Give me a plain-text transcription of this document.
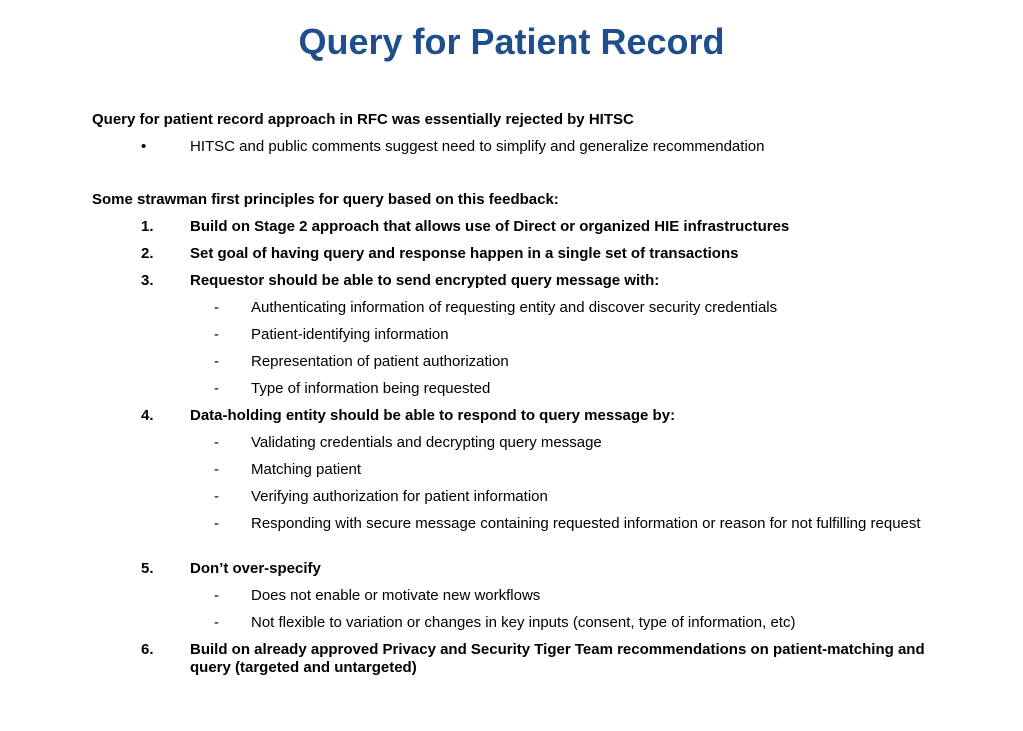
Query for Patient Record
Query for patient record approach in RFC was essentially rejected by HITSC
•	HITSC and public comments suggest need to simplify and generalize recommendation
Some strawman first principles for query based on this feedback:
1. Build on Stage 2 approach that allows use of Direct or organized HIE infrastructures
2. Set goal of having query and response happen in a single set of transactions
3. Requestor should be able to send encrypted query message with:
- Authenticating information of requesting entity and discover security credentials
- Patient-identifying information
- Representation of patient authorization
- Type of information being requested
4. Data-holding entity should be able to respond to query message by:
- Validating credentials and decrypting query message
- Matching patient
- Verifying authorization for patient information
- Responding with secure message containing requested information or reason for not fulfilling request
5. Don’t over-specify
- Does not enable or motivate new workflows
- Not flexible to variation or changes in key inputs (consent, type of information, etc)
6. Build on already approved Privacy and Security Tiger Team recommendations on patient-matching and query (targeted and untargeted)
